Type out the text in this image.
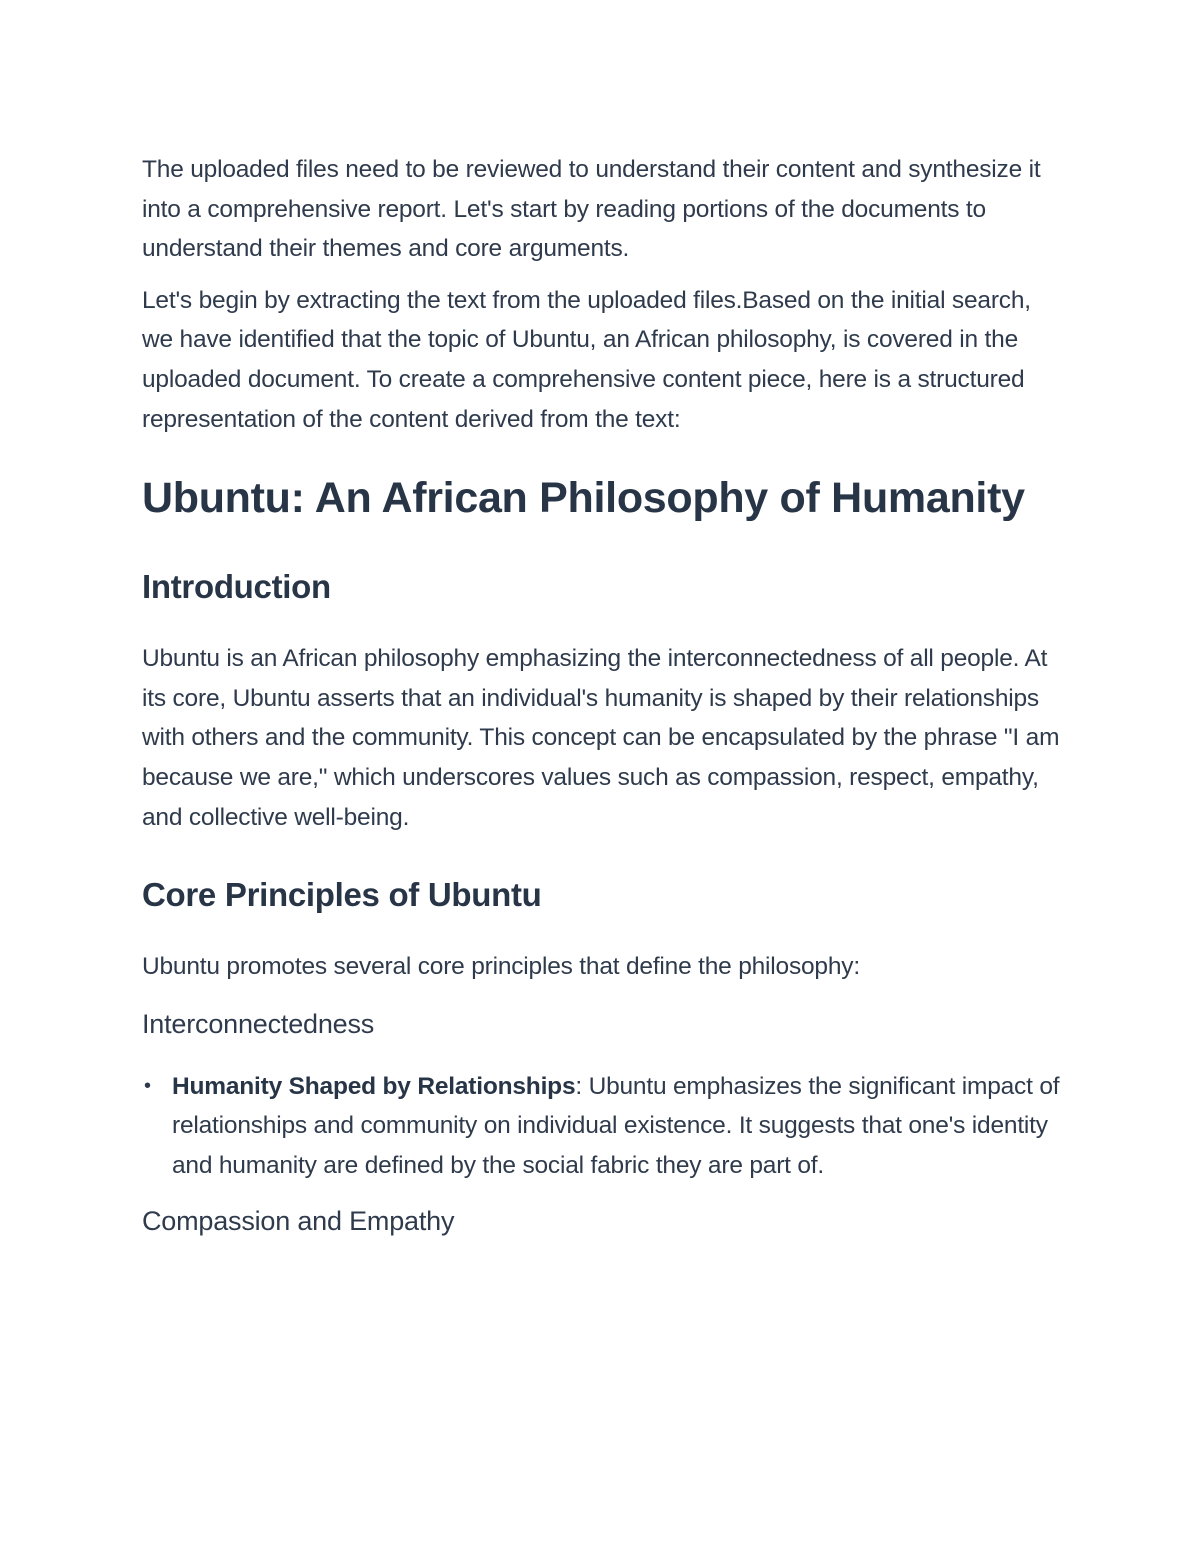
The uploaded files need to be reviewed to understand their content and synthesize it into a comprehensive report. Let's start by reading portions of the documents to understand their themes and core arguments.

Let's begin by extracting the text from the uploaded files.Based on the initial search, we have identified that the topic of Ubuntu, an African philosophy, is covered in the uploaded document. To create a comprehensive content piece, here is a structured representation of the content derived from the text:

Ubuntu: An African Philosophy of Humanity
Introduction

Ubuntu is an African philosophy emphasizing the interconnectedness of all people. At its core, Ubuntu asserts that an individual's humanity is shaped by their relationships with others and the community. This concept can be encapsulated by the phrase "I am because we are," which underscores values such as compassion, respect, empathy, and collective well-being.

Core Principles of Ubuntu

Ubuntu promotes several core principles that define the philosophy:

Interconnectedness
• Humanity Shaped by Relationships: Ubuntu emphasizes the significant impact of relationships and community on individual existence. It suggests that one's identity and humanity are defined by the social fabric they are part of.
Compassion and Empathy
